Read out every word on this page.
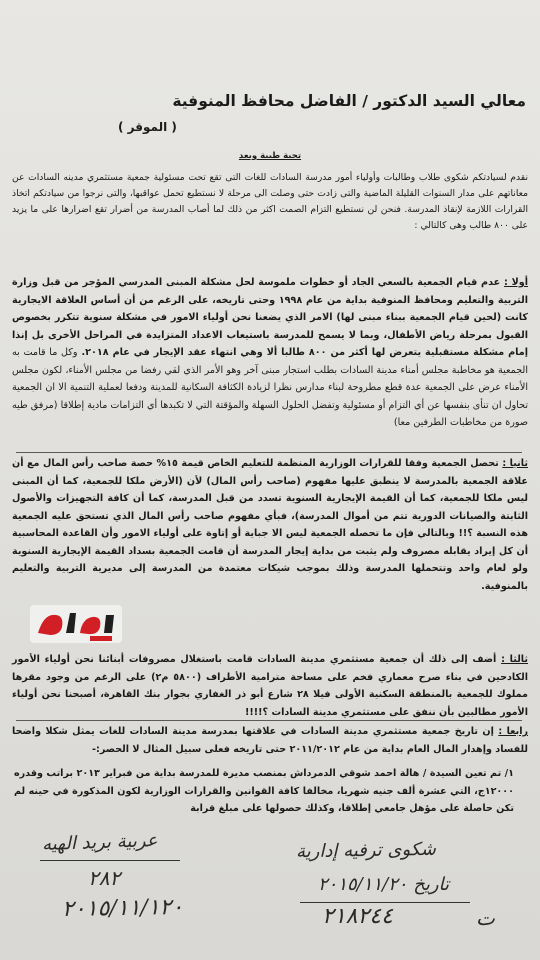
معالي السيد الدكتور / الفاضل محافظ المنوفية
( الموقر )
تحية طيبة وبعد
نقدم لسيادتكم شكوى طلاب وطالبات وأولياء أمور مدرسة السادات للغات التى تقع تحت مسئولية جمعية مستثمري مدينه السادات عن معاناتهم على مدار السنوات القليلة الماضية والتى زادت حتى وصلت الى مرحلة لا نستطيع تحمل عواقبها، والتى نرجوا من سيادتكم اتخاذ القرارات اللازمة لإنقاذ المدرسة. فنحن لن نستطيع التزام الصمت اكثر من ذلك لما أصاب المدرسة من أضرار تقع اضرارها على ما يزيد على ٨٠٠ طالب وهى كالتالي :
أولا : عدم قيام الجمعية بالسعي الجاد أو خطوات ملموسة لحل مشكلة المبنى المدرسي المؤجر من قبل وزارة التربية والتعليم ومحافظ المنوفية بداية من عام ١٩٩٨ وحتى تاريخه، على الرغم من أن أساس العلاقة الايجارية كانت (لحين قيام الجمعية ببناء مبنى لها) الامر الذي يضعنا نحن أولياء الامور في مشكلة سنوية تتكرر بخصوص القبول بمرحلة رياض الأطفال، وبما لا يسمح للمدرسة باستيعاب الاعداد المتزايدة في المراحل الأخرى بل إنذا إمام مشكلة مستقبلية يتعرض لها أكثر من ٨٠٠ طالبا ألا وهي انتهاء عقد الإيجار في عام ٢٠١٨. وكل ما قامت به الجمعية هو مخاطبة مجلس أمناء مدينة السادات بطلب استجار مبنى آخر وهو الأمر الذي لقي رفضا من مجلس الأمناء، لكون مجلس الأمناء عرض على الجمعية عدة قطع مطروحة لبناء مدارس نظرا لزيادة الكثافة السكانية للمدينة ودفعا لعملية التنمية الا ان الجمعية تحاول ان تنأى بنفسها عن أي التزام أو مسئولية وتفضل الحلول السهلة والمؤقتة التي لا تكبدها أي التزامات مادية إطلاقا (مرفق طيه صورة من مخاطبات الطرفين معا)
ثانيا : تحصل الجمعية وفقا للقرارات الوزارية المنظمة للتعليم الخاص قيمة ١٥% حصة صاحب رأس المال مع أن علاقة الجمعية بالمدرسة لا ينطبق عليها مفهوم (صاحب رأس المال) لأن (الأرض ملكا للجمعية، كما أن المبنى ليس ملكا للجمعية، كما أن القيمة الإيجارية السنوية تسدد من قبل المدرسة، كما أن كافة التجهيزات والأصول الثابتة والصيانات الدورية تتم من أموال المدرسة)، فبأي مفهوم صاحب رأس المال الذي تستحق عليه الجمعية هذه النسبة ؟!! وبالتالي فإن ما تحصله الجمعية ليس الا جباية أو إتاوة على أولياء الامور وأن القاعدة المحاسبية أن كل إيراد يقابله مصروف ولم يثبت من بداية إيجار المدرسة أن قامت الجمعية بسداد القيمة الإيجارية السنوية ولو لعام واحد وتتحملها المدرسة وذلك بموجب شيكات معتمدة من المدرسة إلى مديرية التربية والتعليم بالمنوفية.
ثالثا : أضف إلى ذلك أن جمعية مستثمري مدينة السادات قامت باستغلال مصروفات أبنائنا نحن أولياء الأمور الكادحين في بناء صرح معماري فخم على مساحة مترامية الأطراف (٥٨٠٠ م٢) على الرغم من وجود مقرها مملوك للجمعية بالمنطقة السكنية الأولى فيلا ٢٨ شارع أبو ذر الغفاري بجوار بنك القاهرة، أصبحنا نحن أولياء الأمور مطالبين بأن ننفق على مستثمري مدينة السادات ؟!!!!
رابعا : إن تاريخ جمعية مستثمري مدينة السادات في علاقتها بمدرسة مدينة السادات للغات يمثل شكلا واضحا للفساد وإهدار المال العام بداية من عام ٢٠١١/٢٠١٢ حتى تاريخه فعلى سبيل المثال لا الحصر:-
١/ تم تعين السيدة / هالة احمد شوقي الدمرداش بمنصب مديرة للمدرسة بداية من فبراير ٢٠١٣ براتب وقدره ١٢٠٠٠ج، التي عشرة ألف جنيه شهريا، مخالفا كافة القوانين والقرارات الوزارية لكون المذكورة في حينه لم تكن حاصلة على مؤهل جامعي إطلاقا، وكذلك حصولها على مبلغ قرابة
عربية بريد الهيه
٢٨٢
٢٠١٥/١١/١٢٠
شكوى ترفيه إدارية
تاريخ ٢٠١٥/١١/٢٠
٢١٨٢٤٤	ت
